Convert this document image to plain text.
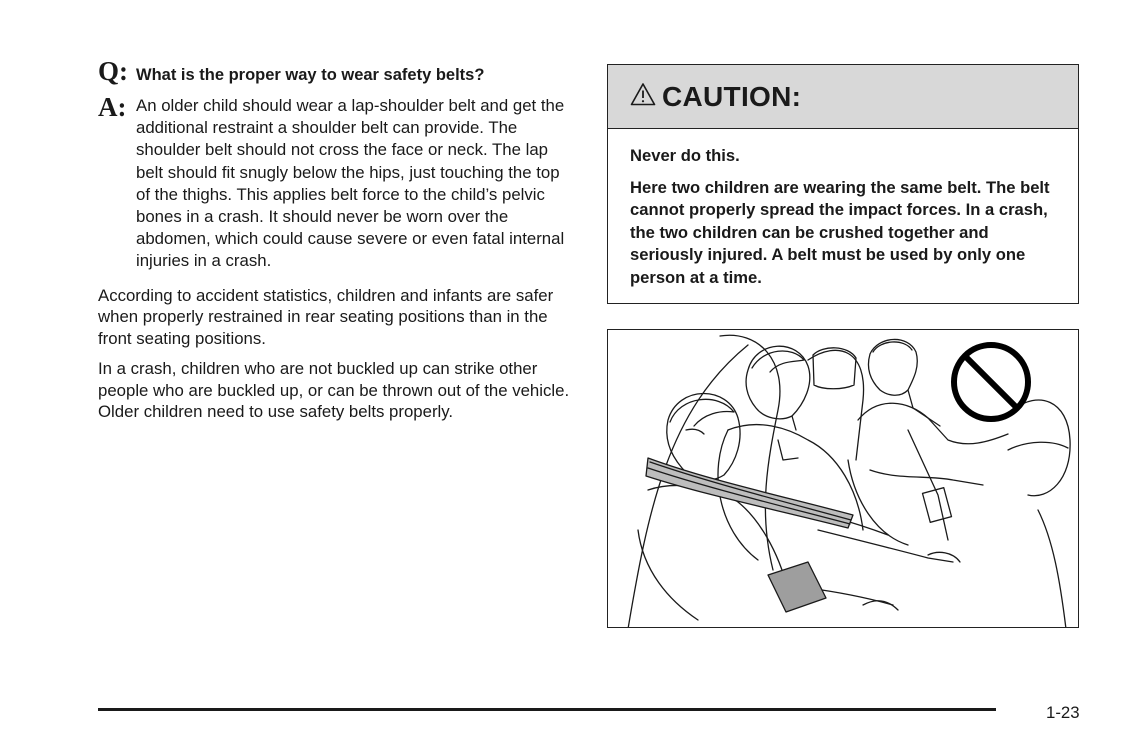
Q: What is the proper way to wear safety belts?
A: An older child should wear a lap-shoulder belt and get the additional restraint a shoulder belt can provide. The shoulder belt should not cross the face or neck. The lap belt should fit snugly below the hips, just touching the top of the thighs. This applies belt force to the child’s pelvic bones in a crash. It should never be worn over the abdomen, which could cause severe or even fatal internal injuries in a crash.

According to accident statistics, children and infants are safer when properly restrained in rear seating positions than in the front seating positions.

In a crash, children who are not buckled up can strike other people who are buckled up, or can be thrown out of the vehicle. Older children need to use safety belts properly.

CAUTION:

Never do this.

Here two children are wearing the same belt. The belt cannot properly spread the impact forces. In a crash, the two children can be crushed together and seriously injured. A belt must be used by only one person at a time.

1-23
